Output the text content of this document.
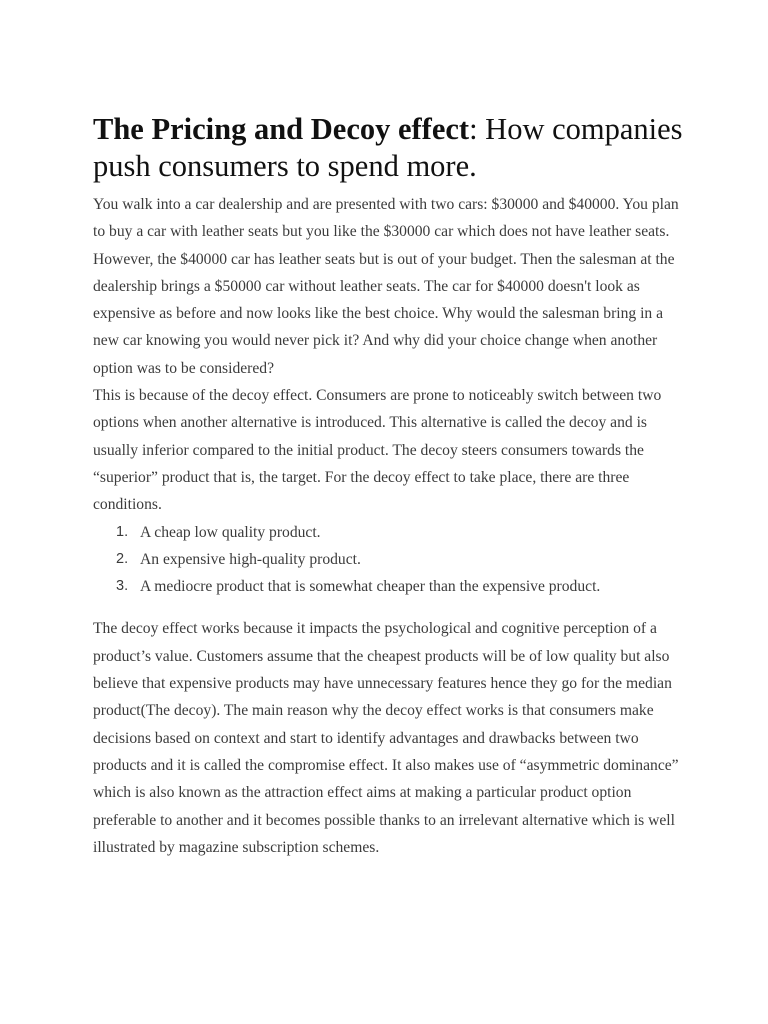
The Pricing and Decoy effect: How companies push consumers to spend more.

You walk into a car dealership and are presented with two cars: $30000 and $40000. You plan to buy a car with leather seats but you like the $30000 car which does not have leather seats. However, the $40000 car has leather seats but is out of your budget. Then the salesman at the dealership brings a $50000 car without leather seats. The car for $40000 doesn't look as expensive as before and now looks like the best choice. Why would the salesman bring in a new car knowing you would never pick it? And why did your choice change when another option was to be considered?

This is because of the decoy effect. Consumers are prone to noticeably switch between two options when another alternative is introduced. This alternative is called the decoy and is usually inferior compared to the initial product. The decoy steers consumers towards the “superior” product that is, the target. For the decoy effect to take place, there are three conditions.

1. A cheap low quality product.
2. An expensive high-quality product.
3. A mediocre product that is somewhat cheaper than the expensive product.

The decoy effect works because it impacts the psychological and cognitive perception of a product’s value. Customers assume that the cheapest products will be of low quality but also believe that expensive products may have unnecessary features hence they go for the median product(The decoy). The main reason why the decoy effect works is that consumers make decisions based on context and start to identify advantages and drawbacks between two products and it is called the compromise effect. It also makes use of “asymmetric dominance” which is also known as the attraction effect aims at making a particular product option preferable to another and it becomes possible thanks to an irrelevant alternative which is well illustrated by magazine subscription schemes.
